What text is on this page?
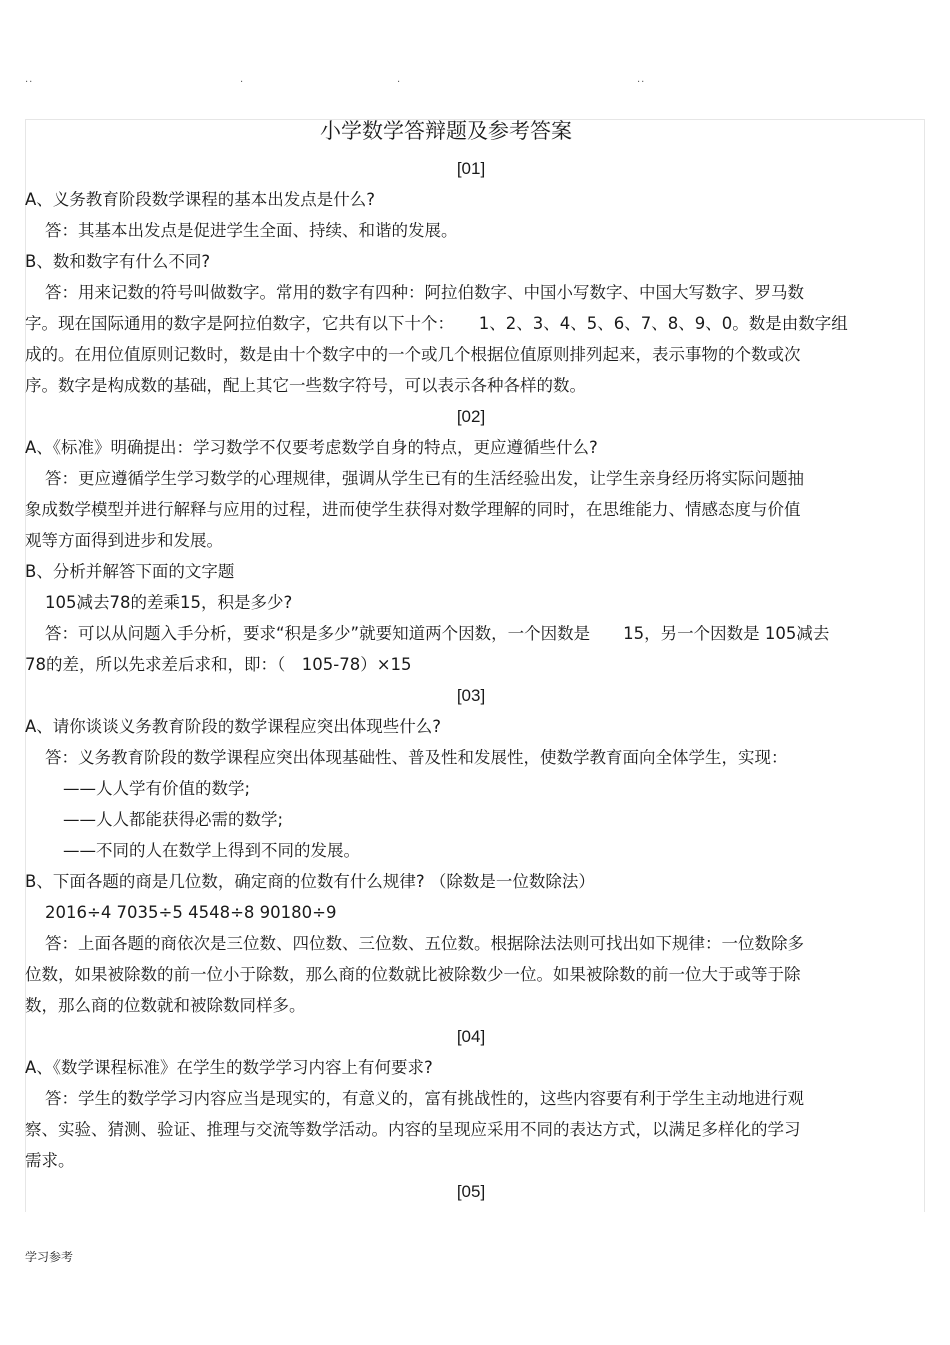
..	.	.	..
小学数学答辩题及参考答案
[01]
A、义务教育阶段数学课程的基本出发点是什么?
答：其基本出发点是促进学生全面、持续、和谐的发展。
B、数和数字有什么不同?
答：用来记数的符号叫做数字。常用的数字有四种：阿拉伯数字、中国小写数字、中国大写数字、罗马数
字。现在国际通用的数字是阿拉伯数字，它共有以下十个：　　1、2、3、4、5、6、7、8、9、0。数是由数字组
成的。在用位值原则记数时，数是由十个数字中的一个或几个根据位值原则排列起来，表示事物的个数或次
序。数字是构成数的基础，配上其它一些数字符号，可以表示各种各样的数。
[02]
A、《标准》明确提出：学习数学不仅要考虑数学自身的特点，更应遵循些什么?
答：更应遵循学生学习数学的心理规律，强调从学生已有的生活经验出发，让学生亲身经历将实际问题抽
象成数学模型并进行解释与应用的过程，进而使学生获得对数学理解的同时，在思维能力、情感态度与价值
观等方面得到进步和发展。
B、分析并解答下面的文字题
105减去78的差乘15，积是多少?
答：可以从问题入手分析，要求“积是多少”就要知道两个因数，一个因数是　　15，另一个因数是 105减去
78的差，所以先求差后求和，即：（　105-78）×15
[03]
A、请你谈谈义务教育阶段的数学课程应突出体现些什么?
答：义务教育阶段的数学课程应突出体现基础性、普及性和发展性，使数学教育面向全体学生，实现：
——人人学有价值的数学;
——人人都能获得必需的数学;
——不同的人在数学上得到不同的发展。
B、下面各题的商是几位数，确定商的位数有什么规律? （除数是一位数除法）
2016÷4 7035÷5 4548÷8 90180÷9
答：上面各题的商依次是三位数、四位数、三位数、五位数。根据除法法则可找出如下规律：一位数除多
位数，如果被除数的前一位小于除数，那么商的位数就比被除数少一位。如果被除数的前一位大于或等于除
数，那么商的位数就和被除数同样多。
[04]
A、《数学课程标准》在学生的数学学习内容上有何要求?
答：学生的数学学习内容应当是现实的，有意义的，富有挑战性的，这些内容要有利于学生主动地进行观
察、实验、猜测、验证、推理与交流等数学活动。内容的呈现应采用不同的表达方式，以满足多样化的学习
需求。
[05]
学习参考
